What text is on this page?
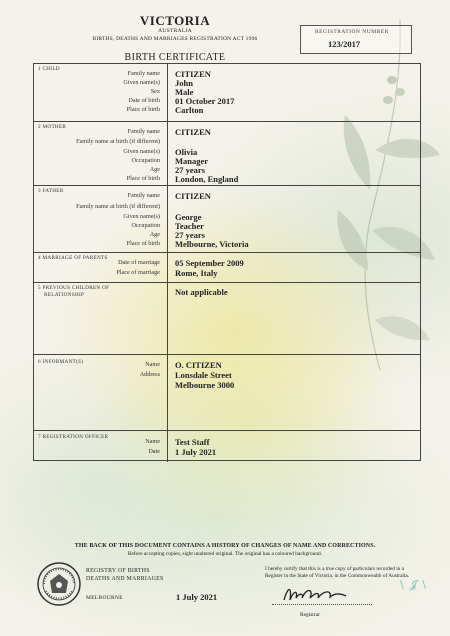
VICTORIA
AUSTRALIA
BIRTHS, DEATHS AND MARRIAGES REGISTRATION ACT 1996
BIRTH CERTIFICATE
REGISTRATION NUMBER
123/2017
1 CHILD
Family name CITIZEN
Given name(s) John
Sex Male
Date of birth 01 October 2017
Place of birth Carlton
2 MOTHER
Family name CITIZEN
Family name at birth (if different)
Given name(s) Olivia
Occupation Manager
Age 27 years
Place of birth London, England
3 FATHER
Family name CITIZEN
Family name at birth (if different)
Given name(s) George
Occupation Teacher
Age 27 years
Place of birth Melbourne, Victoria
4 MARRIAGE OF PARENTS
Date of marriage 05 September 2009
Place of marriage Rome, Italy
5 PREVIOUS CHILDREN OF
RELATIONSHIP	Not applicable
6 INFORMANT(S)	Name O. CITIZEN
Address Lonsdale Street
Melbourne 3000
7 REGISTRATION OFFICER
Name Test Staff
Date 1 July 2021
THE BACK OF THIS DOCUMENT CONTAINS A HISTORY OF CHANGES OF NAME AND CORRECTIONS.
Before accepting copies, sight unaltered original. The original has a coloured background.
REGISTRY OF BIRTHS
DEATHS AND MARRIAGES
MELBOURNE	1 July 2021
I hereby certify that this is a true copy of particulars recorded in a Register in the State of Victoria, in the Commonwealth of Australia.
Registrar
\ 𝓙 \
